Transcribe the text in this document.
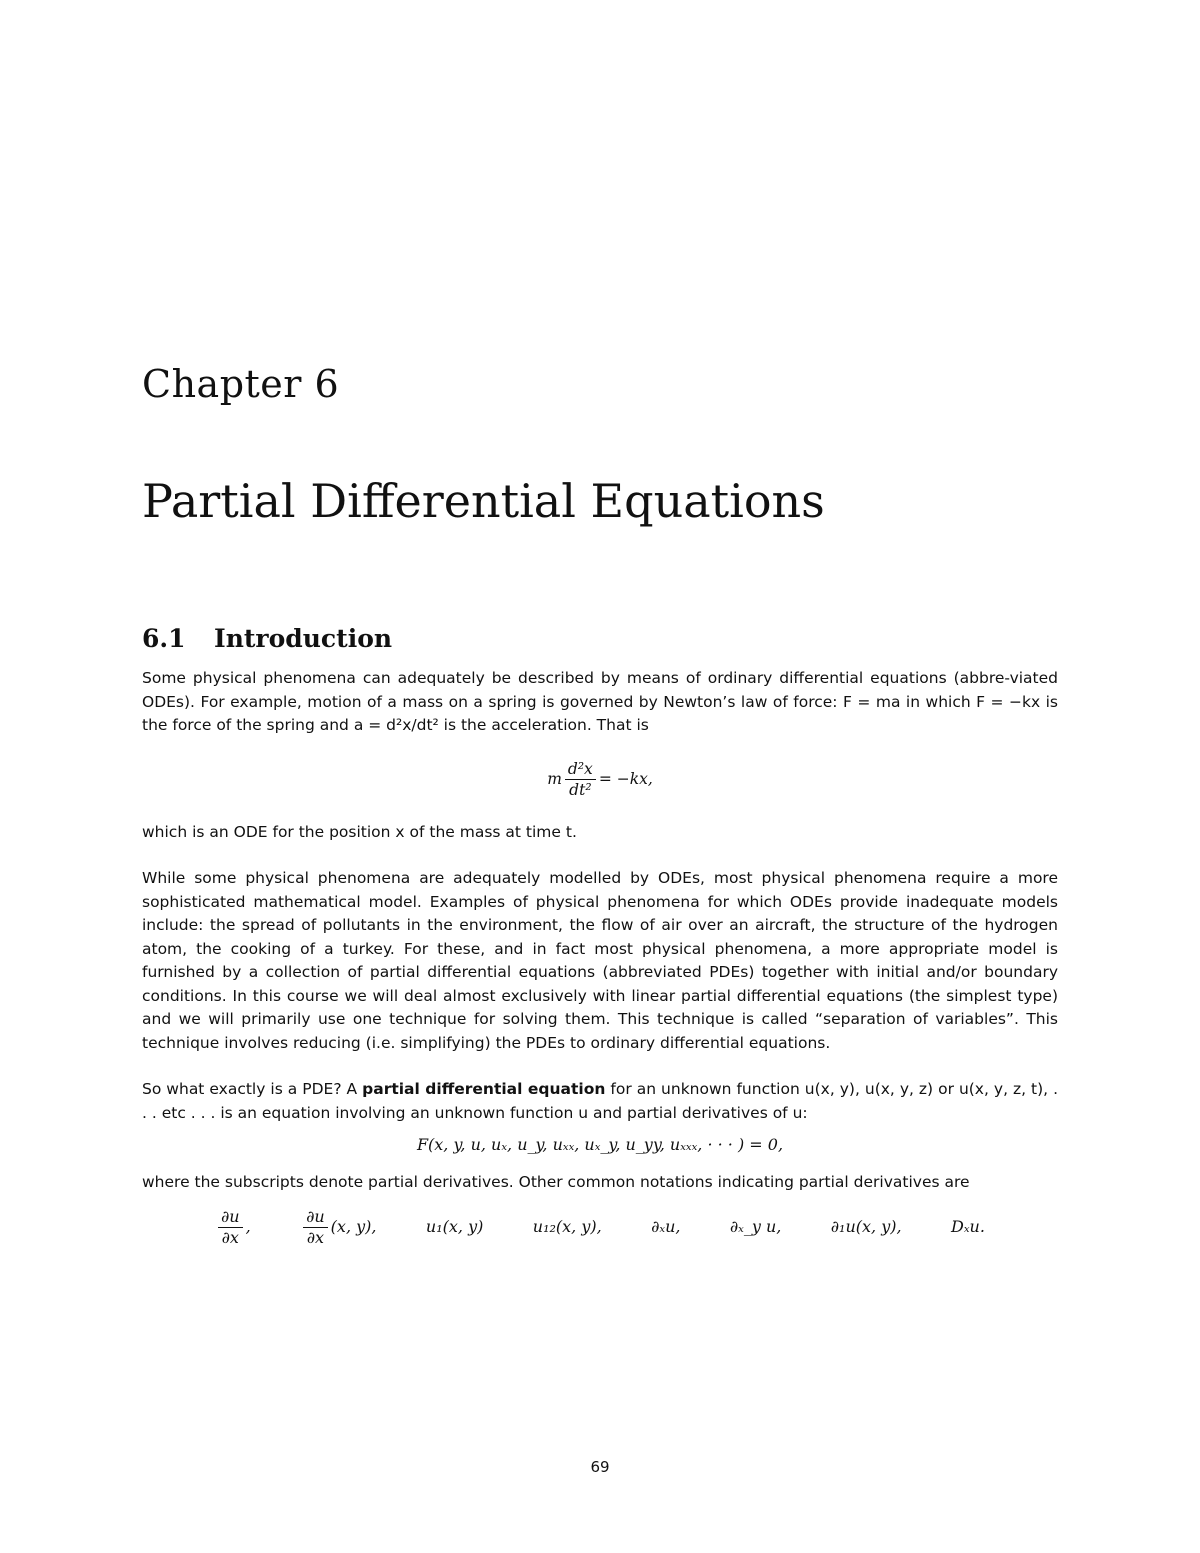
Chapter 6
Partial Differential Equations
6.1 Introduction

Some physical phenomena can adequately be described by means of ordinary differential equations (abbre-viated ODEs). For example, motion of a mass on a spring is governed by Newton’s law of force: F = ma in which F = −kx is the force of the spring and a = d²x/dt² is the acceleration. That is

m $\frac{\text{d²x}}{\text{dt²}} = -kx$,

which is an ODE for the position x of the mass at time t.

While some physical phenomena are adequately modelled by ODEs, most physical phenomena require a more sophisticated mathematical model. Examples of physical phenomena for which ODEs provide inadequate models include: the spread of pollutants in the environment, the flow of air over an aircraft, the structure of the hydrogen atom, the cooking of a turkey. For these, and in fact most physical phenomena, a more appropriate model is furnished by a collection of partial differential equations (abbreviated PDEs) together with initial and/or boundary conditions. In this course we will deal almost exclusively with linear partial differential equations (the simplest type) and we will primarily use one technique for solving them. This technique is called “separation of variables”. This technique involves reducing (i.e. simplifying) the PDEs to ordinary differential equations.

So what exactly is a PDE? A partial differential equation for an unknown function u(x, y), u(x, y, z) or u(x, y, z, t), . . . etc . . . is an equation involving an unknown function u and partial derivatives of u:

F(x, y, u, uₓ, u_y, uₓₓ, uₓ_y, u_yy, uₓₓₓ, · · · ) = 0,

where the subscripts denote partial derivatives. Other common notations indicating partial derivatives are

$\frac{\partial u}{\partial x}$ ,	$\frac{\partial u}{\partial x} (x$, y),	u₁(x, y)	u₁₂(x, y),	∂ₓu,	∂ₓ_y u,	∂₁u(x, y),	Dₓu.
69
